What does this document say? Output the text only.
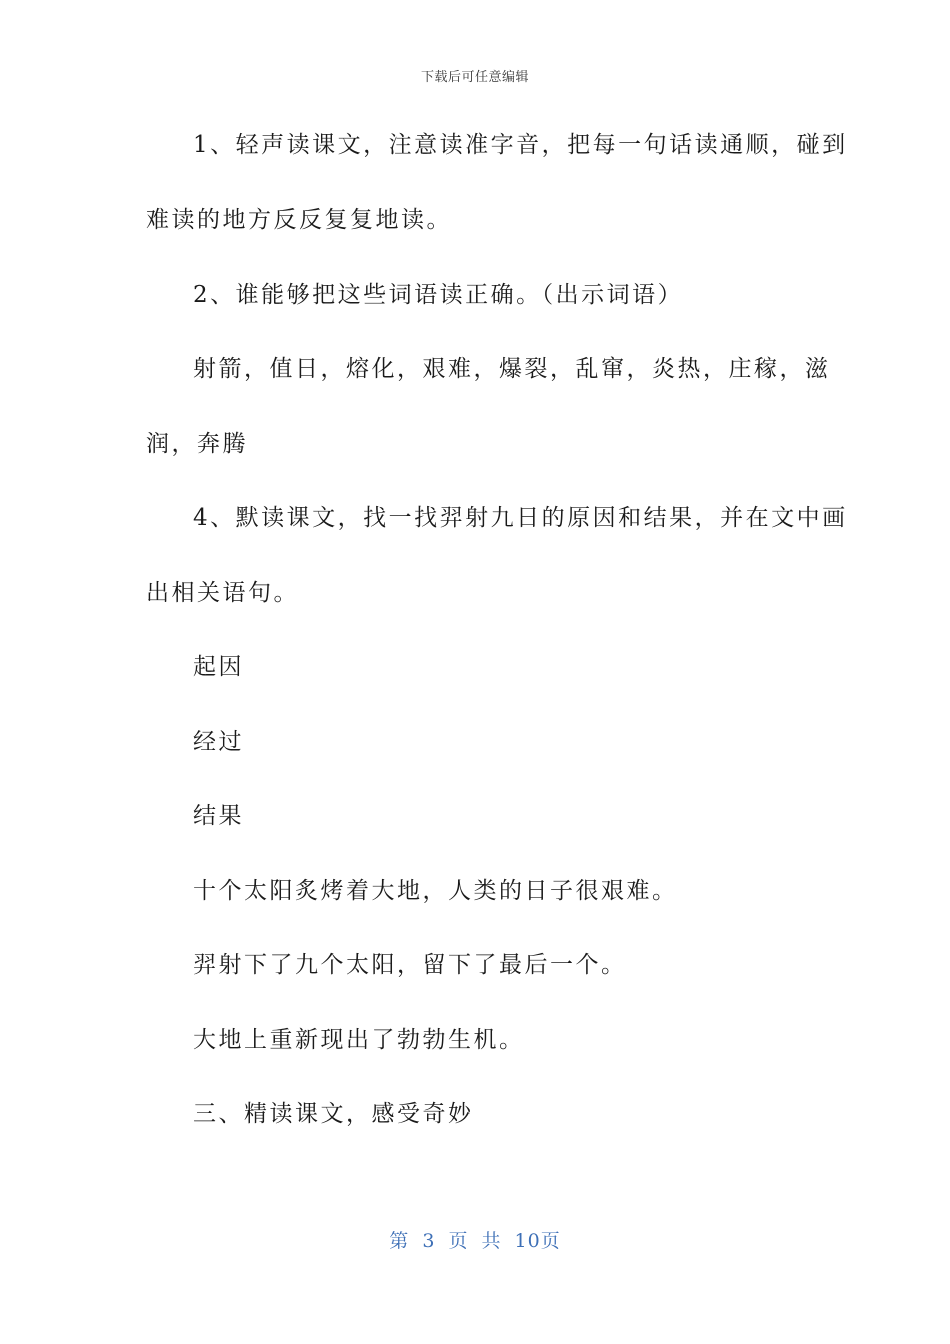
下载后可任意编辑
1、轻声读课文，注意读准字音，把每一句话读通顺，碰到
难读的地方反反复复地读。
2、谁能够把这些词语读正确。（出示词语）
射箭，值日，熔化，艰难，爆裂，乱窜，炎热，庄稼，滋
润，奔腾
4、默读课文，找一找羿射九日的原因和结果，并在文中画
出相关语句。
起因
经过
结果
十个太阳炙烤着大地，人类的日子很艰难。
羿射下了九个太阳，留下了最后一个。
大地上重新现出了勃勃生机。
三、精读课文，感受奇妙
第 3 页 共 10页
